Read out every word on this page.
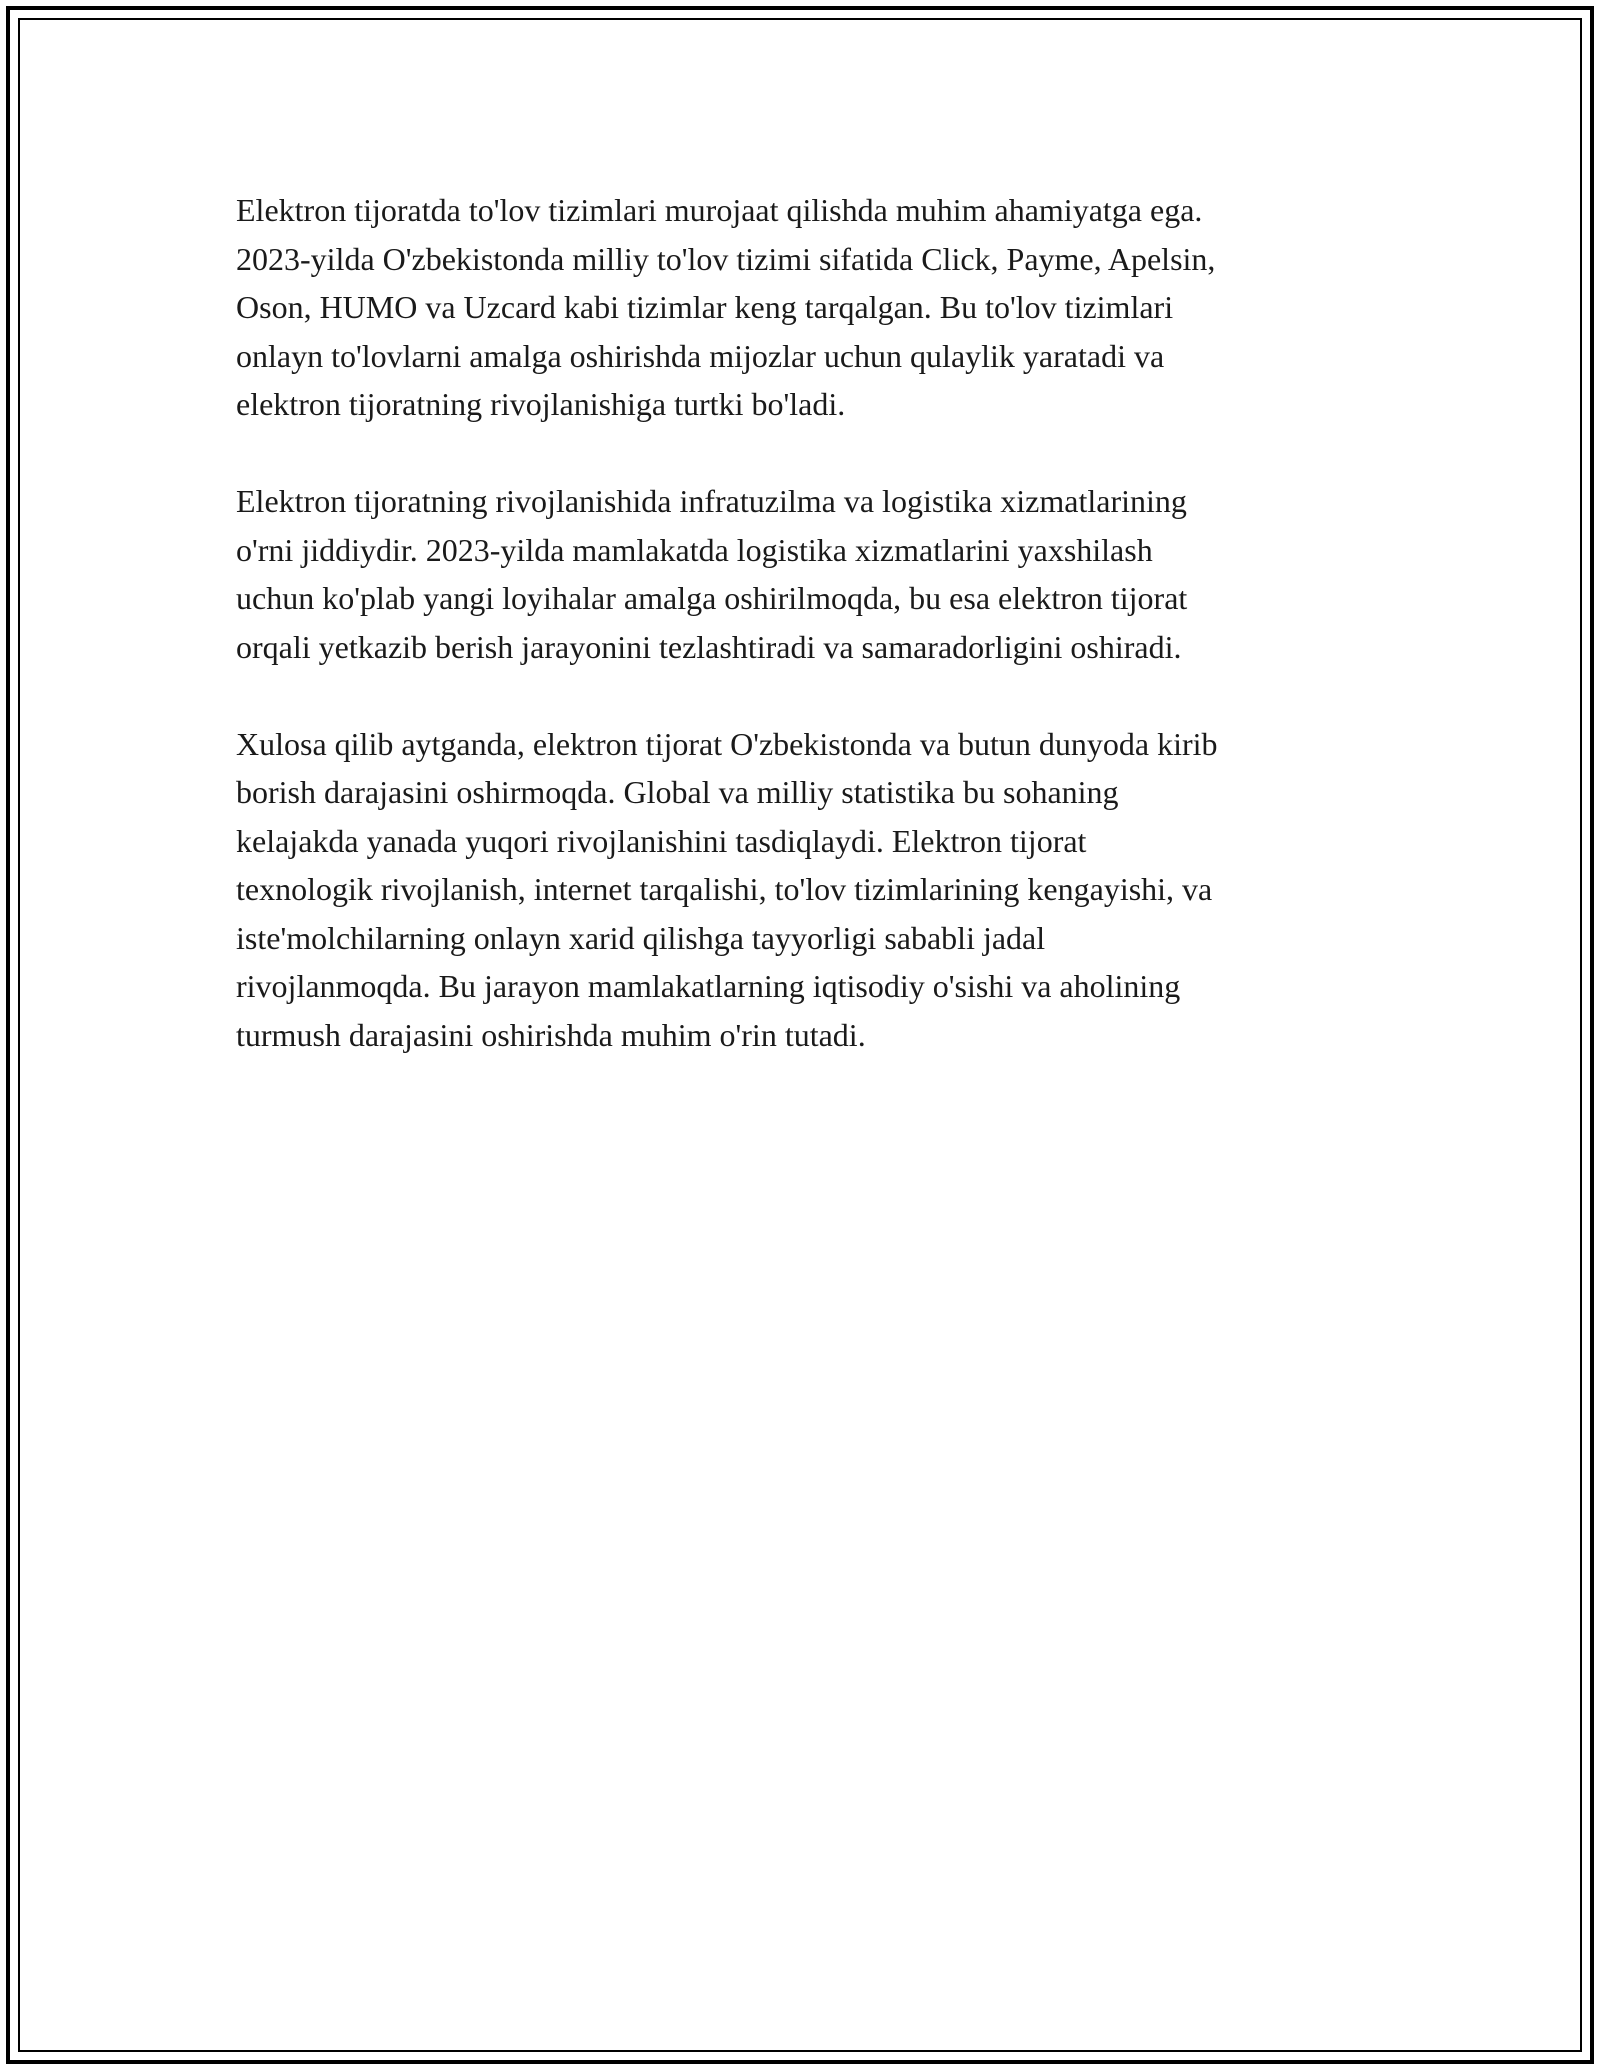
Elektron tijoratda to'lov tizimlari murojaat qilishda muhim ahamiyatga ega.
2023-yilda O'zbekistonda milliy to'lov tizimi sifatida Click, Payme, Apelsin,
Oson, HUMO va Uzcard kabi tizimlar keng tarqalgan. Bu to'lov tizimlari
onlayn to'lovlarni amalga oshirishda mijozlar uchun qulaylik yaratadi va
elektron tijoratning rivojlanishiga turtki bo'ladi.

Elektron tijoratning rivojlanishida infratuzilma va logistika xizmatlarining
o'rni jiddiydir. 2023-yilda mamlakatda logistika xizmatlarini yaxshilash
uchun ko'plab yangi loyihalar amalga oshirilmoqda, bu esa elektron tijorat
orqali yetkazib berish jarayonini tezlashtiradi va samaradorligini oshiradi.

Xulosa qilib aytganda, elektron tijorat O'zbekistonda va butun dunyoda kirib
borish darajasini oshirmoqda. Global va milliy statistika bu sohaning
kelajakda yanada yuqori rivojlanishini tasdiqlaydi. Elektron tijorat
texnologik rivojlanish, internet tarqalishi, to'lov tizimlarining kengayishi, va
iste'molchilarning onlayn xarid qilishga tayyorligi sababli jadal
rivojlanmoqda. Bu jarayon mamlakatlarning iqtisodiy o'sishi va aholining
turmush darajasini oshirishda muhim o'rin tutadi.
